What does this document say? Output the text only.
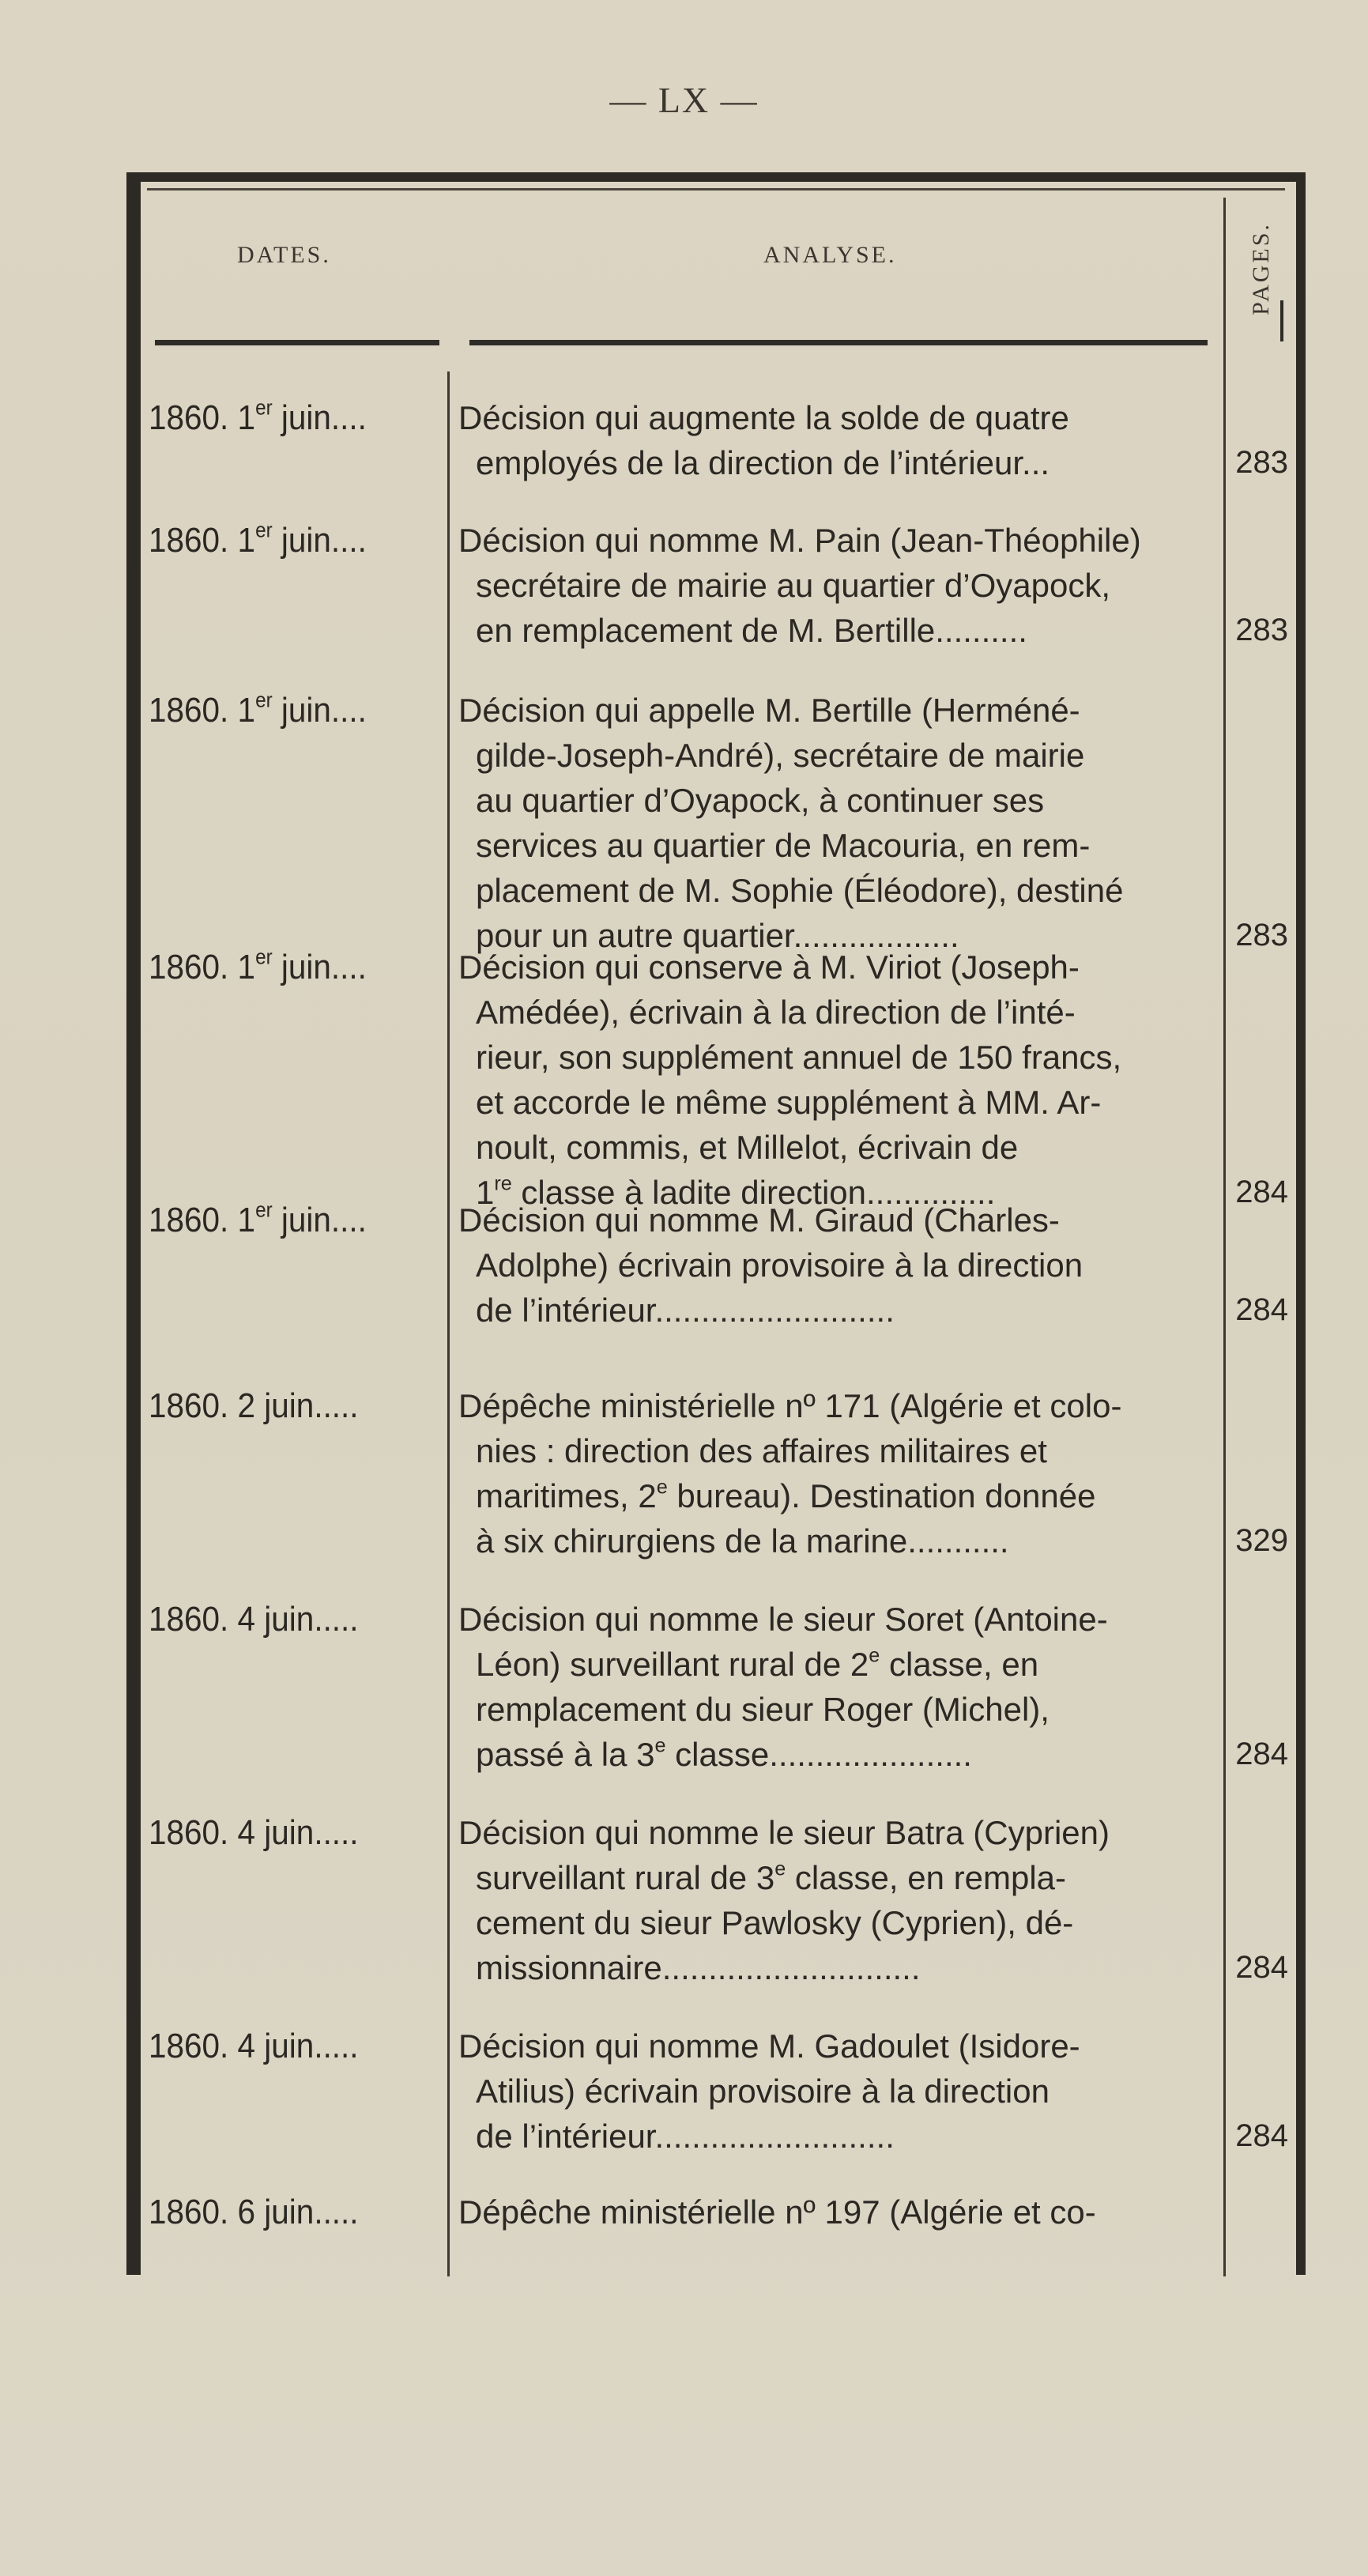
— LX —
DATES.	ANALYSE.	PAGES.
1860. 1er juin....	Décision qui augmente la solde de quatre
employés de la direction de l’intérieur...	283
1860. 1er juin....	Décision qui nomme M. Pain (Jean-Théophile)
secrétaire de mairie au quartier d’Oyapock,
en remplacement de M. Bertille..........	283
1860. 1er juin....	Décision qui appelle M. Bertille (Herméné-
gilde-Joseph-André), secrétaire de mairie
au quartier d’Oyapock, à continuer ses
services au quartier de Macouria, en rem-
placement de M. Sophie (Éléodore), destiné
pour un autre quartier..................	283
1860. 1er juin....	Décision qui conserve à M. Viriot (Joseph-
Amédée), écrivain à la direction de l’inté-
rieur, son supplément annuel de 150 francs,
et accorde le même supplément à MM. Ar-
noult, commis, et Millelot, écrivain de
1re classe à ladite direction..............	284
1860. 1er juin....	Décision qui nomme M. Giraud (Charles-
Adolphe) écrivain provisoire à la direction
de l’intérieur..........................	284
1860. 2 juin.....	Dépêche ministérielle nº 171 (Algérie et colo-
nies : direction des affaires militaires et
maritimes, 2e bureau). Destination donnée
à six chirurgiens de la marine...........	329
1860. 4 juin.....	Décision qui nomme le sieur Soret (Antoine-
Léon) surveillant rural de 2e classe, en
remplacement du sieur Roger (Michel),
passé à la 3e classe......................	284
1860. 4 juin.....	Décision qui nomme le sieur Batra (Cyprien)
surveillant rural de 3e classe, en rempla-
cement du sieur Pawlosky (Cyprien), dé-
missionnaire............................	284
1860. 4 juin.....	Décision qui nomme M. Gadoulet (Isidore-
Atilius) écrivain provisoire à la direction
de l’intérieur..........................	284
1860. 6 juin.....	Dépêche ministérielle nº 197 (Algérie et co-
